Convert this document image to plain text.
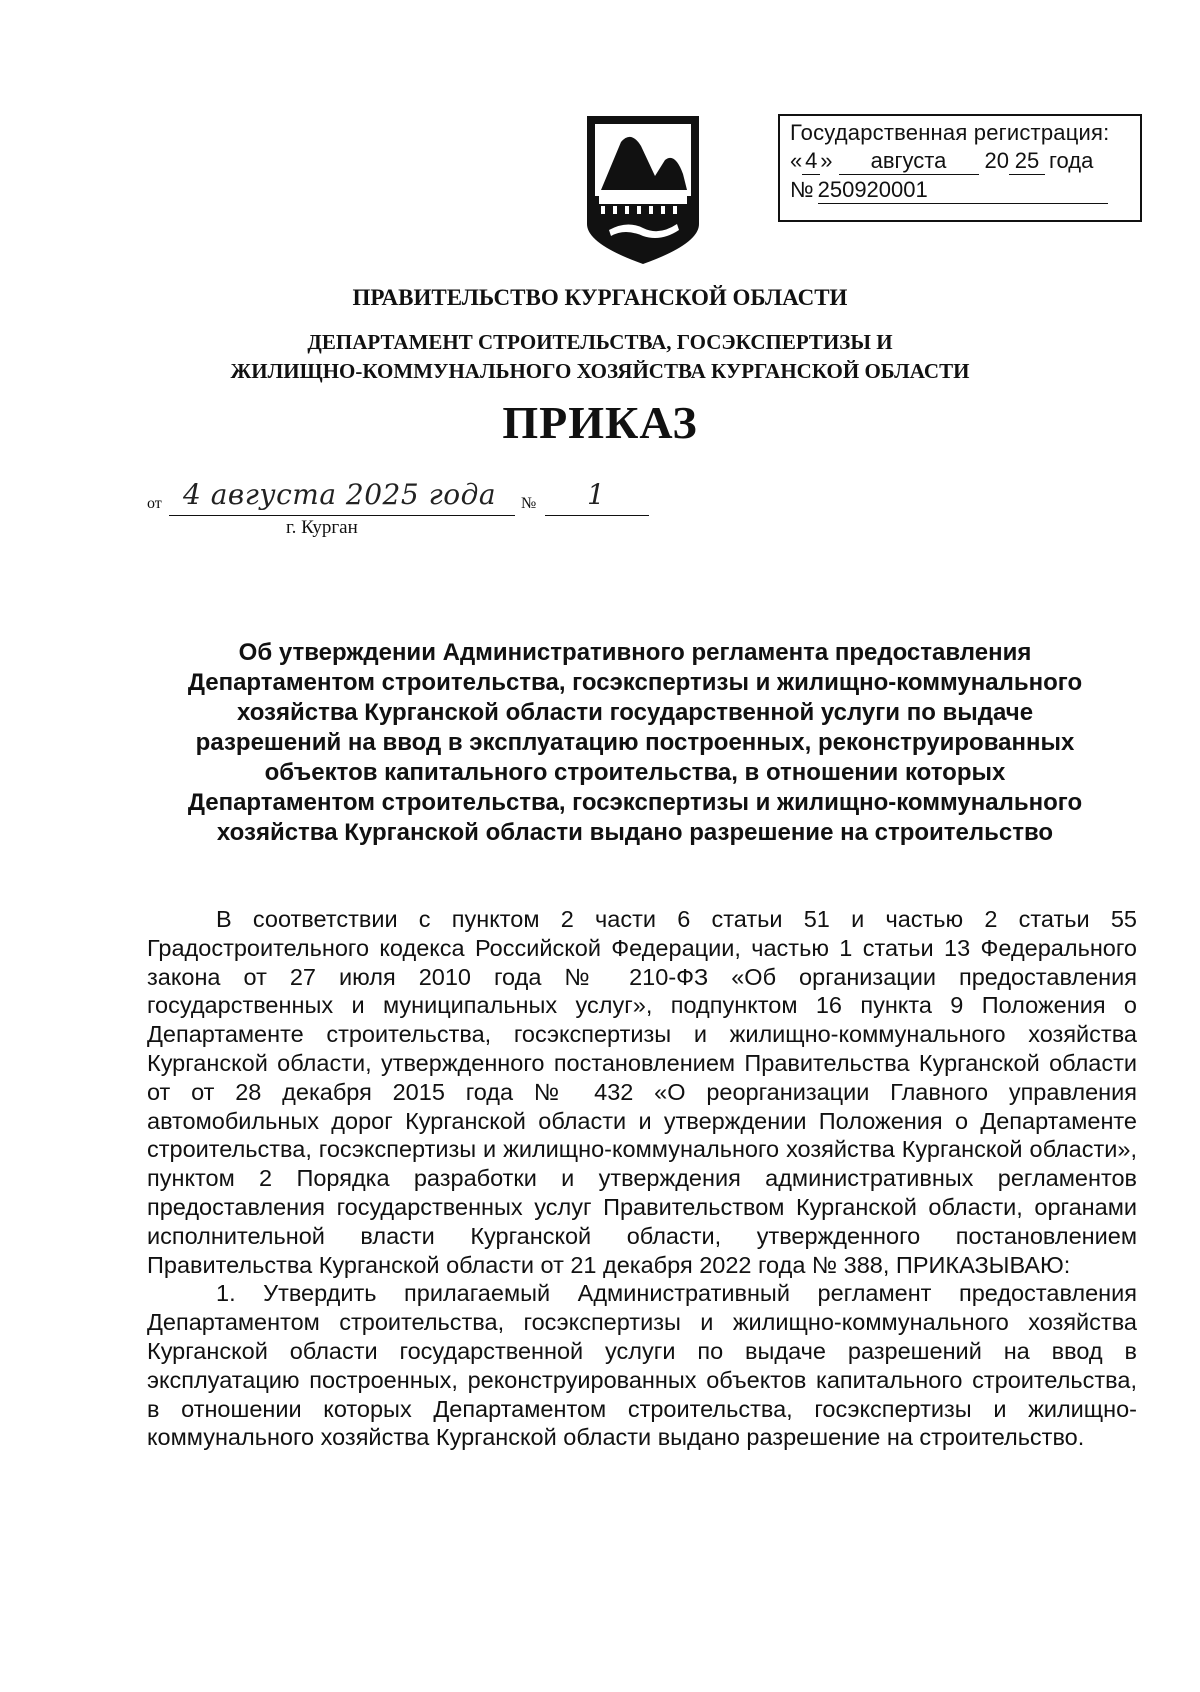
Государственная регистрация:
« 4 »	августа	20 25 года
№ 250920001
ПРАВИТЕЛЬСТВО КУРГАНСКОЙ ОБЛАСТИ
ДЕПАРТАМЕНТ СТРОИТЕЛЬСТВА, ГОСЭКСПЕРТИЗЫ И
ЖИЛИЩНО-КОММУНАЛЬНОГО ХОЗЯЙСТВА КУРГАНСКОЙ ОБЛАСТИ
ПРИКАЗ
от 4 августа 2025 года № 1
г. Курган
Об утверждении Административного регламента предоставления
Департаментом строительства, госэкспертизы и жилищно-коммунального
хозяйства Курганской области государственной услуги по выдаче
разрешений на ввод в эксплуатацию построенных, реконструированных
объектов капитального строительства, в отношении которых
Департаментом строительства, госэкспертизы и жилищно-коммунального
хозяйства Курганской области выдано разрешение на строительство

В соответствии с пунктом 2 части 6 статьи 51 и частью 2 статьи 55 Градостроительного кодекса Российской Федерации, частью 1 статьи 13 Федерального закона от 27 июля 2010 года № 210-ФЗ «Об организации предоставления государственных и муниципальных услуг», подпунктом 16 пункта 9 Положения о Департаменте строительства, госэкспертизы и жилищно-коммунального хозяйства Курганской области, утвержденного постановлением Правительства Курганской области от от 28 декабря 2015 года № 432 «О реорганизации Главного управления автомобильных дорог Курганской области и утверждении Положения о Департаменте строительства, госэкспертизы и жилищно-коммунального хозяйства Курганской области», пунктом 2 Порядка разработки и утверждения административных регламентов предоставления государственных услуг Правительством Курганской области, органами исполнительной власти Курганской области, утвержденного постановлением Правительства Курганской области от 21 декабря 2022 года № 388, ПРИКАЗЫВАЮ:

1. Утвердить прилагаемый Административный регламент предоставления Департаментом строительства, госэкспертизы и жилищно-коммунального хозяйства Курганской области государственной услуги по выдаче разрешений на ввод в эксплуатацию построенных, реконструированных объектов капитального строительства, в отношении которых Департаментом строительства, госэкспертизы и жилищно-коммунального хозяйства Курганской области выдано разрешение на строительство.
